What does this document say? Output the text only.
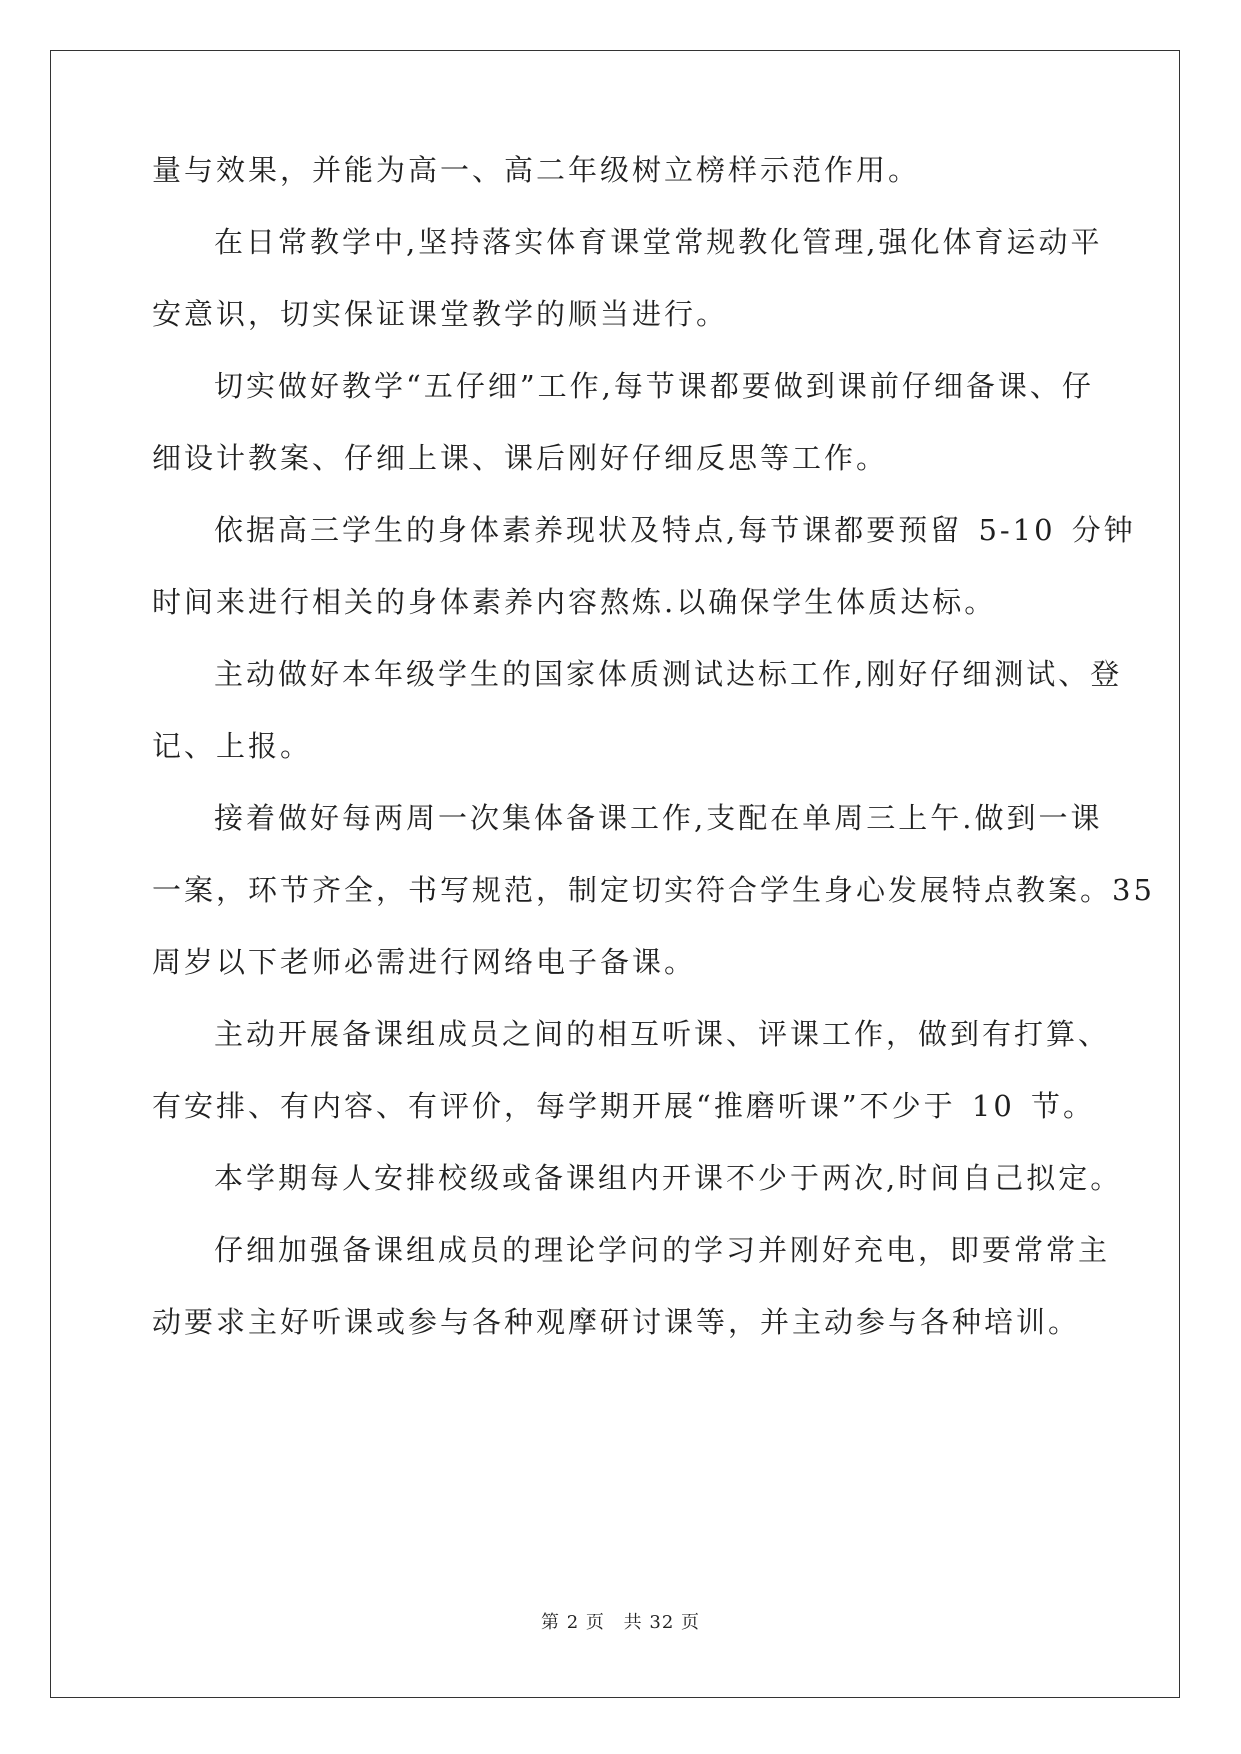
量与效果，并能为高一、高二年级树立榜样示范作用。
在日常教学中,坚持落实体育课堂常规教化管理,强化体育运动平
安意识，切实保证课堂教学的顺当进行。
切实做好教学“五仔细”工作,每节课都要做到课前仔细备课、仔
细设计教案、仔细上课、课后刚好仔细反思等工作。
依据高三学生的身体素养现状及特点,每节课都要预留 5-10 分钟
时间来进行相关的身体素养内容熬炼.以确保学生体质达标。
主动做好本年级学生的国家体质测试达标工作,刚好仔细测试、登
记、上报。
接着做好每两周一次集体备课工作,支配在单周三上午.做到一课
一案，环节齐全，书写规范，制定切实符合学生身心发展特点教案。35
周岁以下老师必需进行网络电子备课。
主动开展备课组成员之间的相互听课、评课工作，做到有打算、
有安排、有内容、有评价，每学期开展“推磨听课”不少于 10 节。
本学期每人安排校级或备课组内开课不少于两次,时间自己拟定。
仔细加强备课组成员的理论学问的学习并刚好充电，即要常常主
动要求主好听课或参与各种观摩研讨课等，并主动参与各种培训。
第 2 页 共 32 页
